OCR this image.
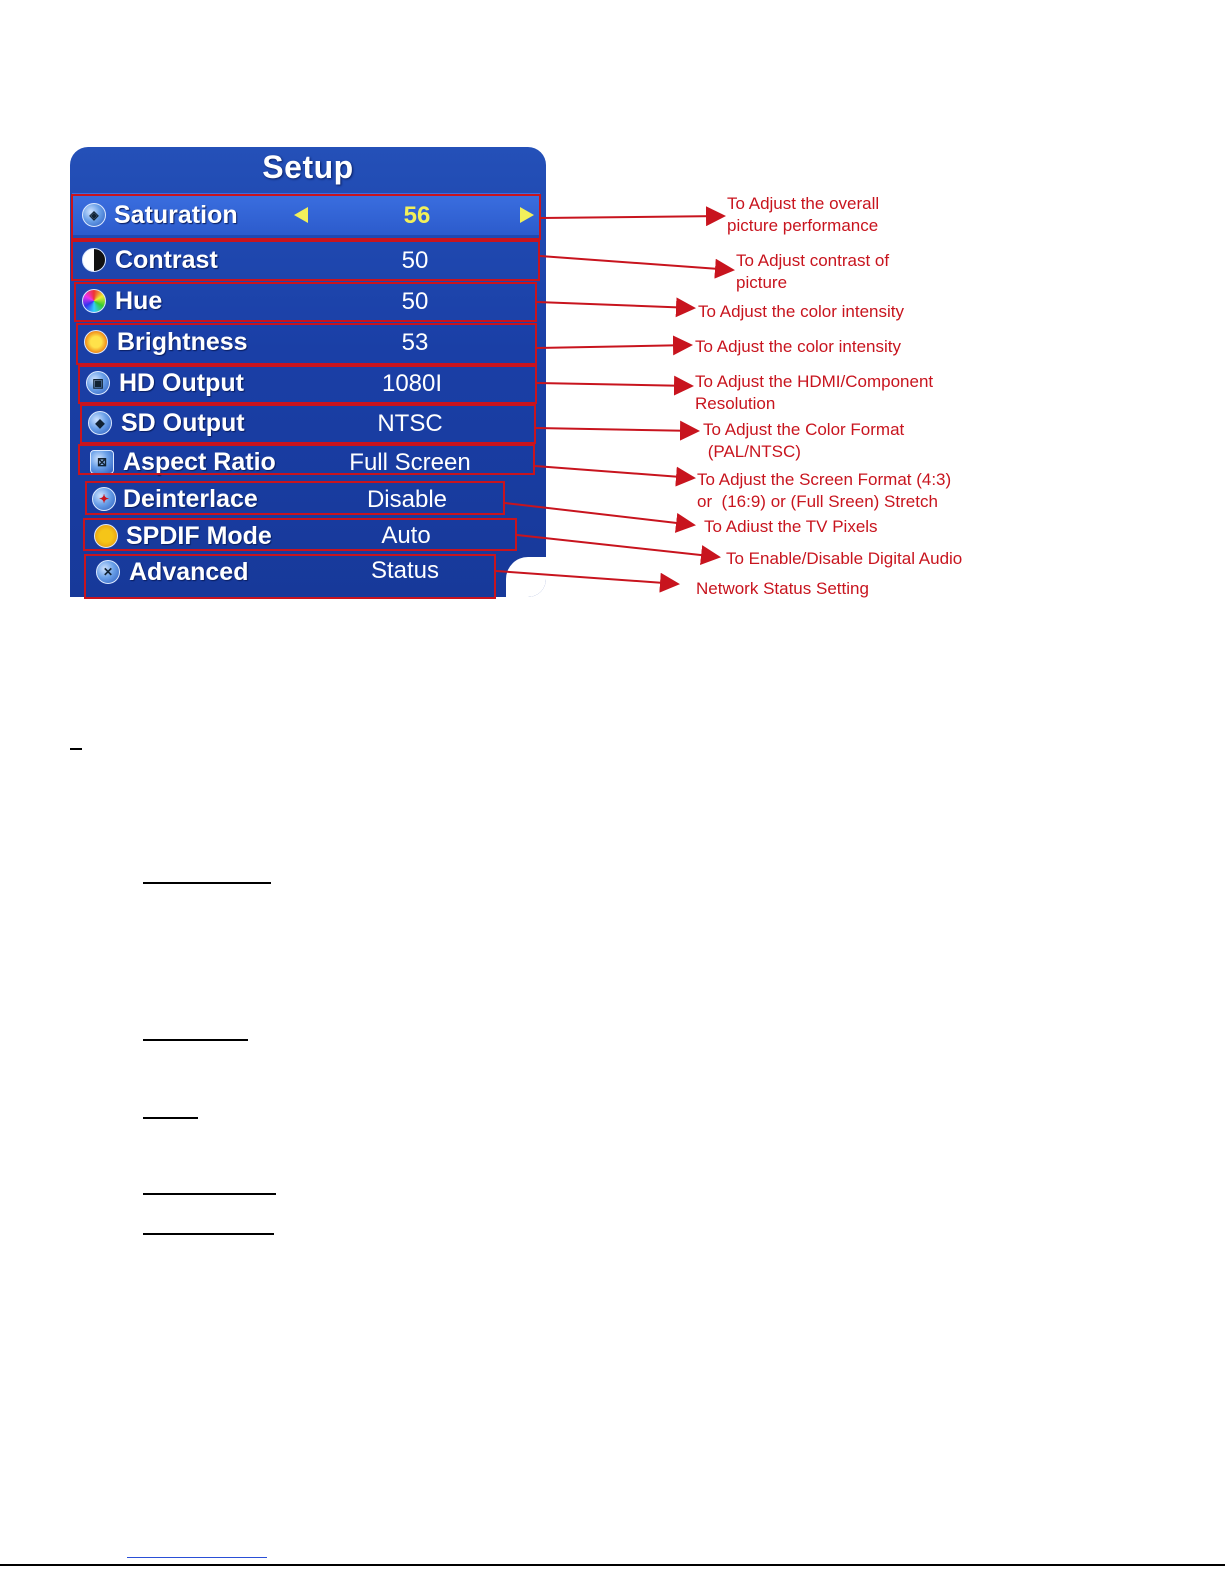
Setup
◈ Saturation	56
Contrast	50
Hue	50
Brightness	53
▣ HD Output	1080I
◆ SD Output	NTSC
⊠ Aspect Ratio	Full Screen
✦ Deinterlace	Disable
SPDIF Mode	Auto
✕ Advanced	Status
To Adjust the overall
picture performance
To Adjust contrast of
picture
To Adjust the color intensity
To Adjust the color intensity
To Adjust the HDMI/Component
Resolution
To Adjust the Color Format
(PAL/NTSC)
To Adjust the Screen Format (4:3)
or  (16:9) or (Full Sreen) Stretch
To Adiust the TV Pixels
To Enable/Disable Digital Audio
Network Status Setting
